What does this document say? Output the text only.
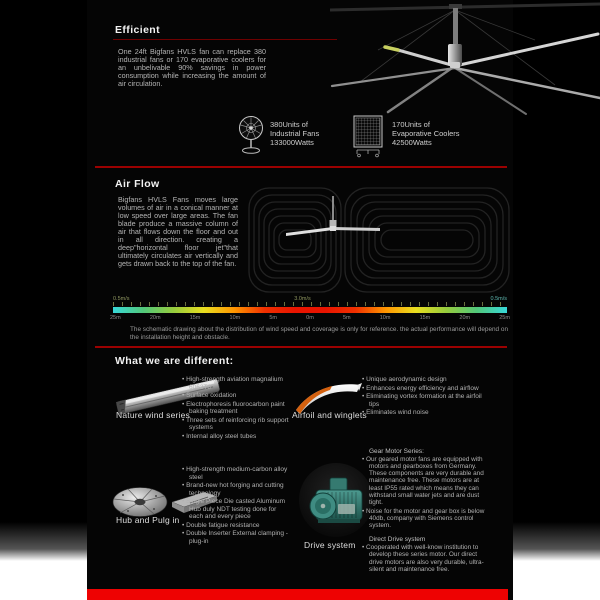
Efficient
One 24ft Bigfans HVLS fan can replace 380 industrial fans or 170 evaporative coolers for an unbelivable 90% savings in power consumption while increasing the amount of air circulation.
380Units of
Industrial Fans
133000Watts
170Units of
Evaporative Coolers
42500Watts
Air Flow
Bigfans HVLS Fans moves large volumes of air in a conical manner at low speed over large areas. The fan blade produce a massive column of air that flows down the floor and out in all direction. creating a deep"horizontal floor jet"that ultimately circulates air vertically and gets drawn back to the top of the fan.
0.5m/s	3.0m/s	0.5m/s
25m	20m	15m	10m	5m	0m	5m	10m	15m	20m	25m
The schematic drawing about the distribution of wind speed and coverage is only for reference. the actual performance will depend on the installation height and obstacle.
What we are different:
Nature wind series
• High-strength aviation magnalium 6063T6
• Surface oxidation
• Electrophoresis fluorocarbon paint baking treatment
• Three sets of reinforcing rib support systems
• Internal alloy steel tubes
Airfoil and winglets
• Unique aerodynamic design
• Enhances energy efficiency and airflow
• Eliminating vortex formation at the airfoil tips
• Eliminates wind noise
Hub and Pulg in
• High-strength medium-carbon alloy steel
• Brand-new hot forging and cutting technology
• Single Piece Die casted Aluminum Hub duly NDT testing done for each and every piece
• Double fatigue resistance
• Double Inserter External clamping - plug-in	Drive system
Gear Motor Series:
• Our geared motor fans are equipped with motors and gearboxes from Germany. These components are very durable and maintenance free. These motors are at least IP55 rated which means they can withstand small water jets and are dust tight.
• Noise for the motor and gear box is below 40db, company with Siemens control system.
Direct Drive system
• Cooperated with well-know institution to develop these series motor. Our direct drive motors are also very durable, ultra-silent and maintenance free.
